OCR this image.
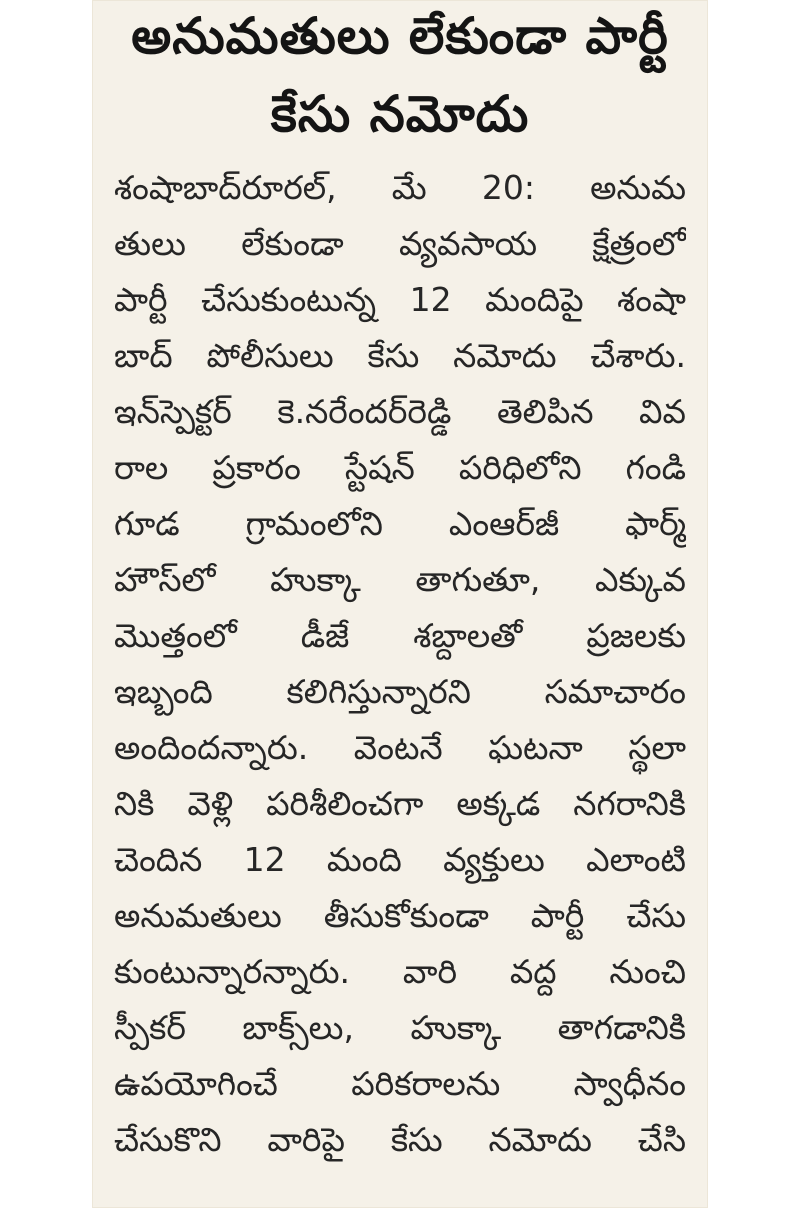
అనుమతులు లేకుండా పార్టీ
కేసు నమోదు

శంషాబాద్‌రూరల్‌, మే 20: అనుమ

తులు లేకుండా వ్యవసాయ క్షేత్రంలో

పార్టీ చేసుకుంటున్న 12 మందిపై శంషా

బాద్‌ పోలీసులు కేసు నమోదు చేశారు.

ఇన్‌స్పెక్టర్‌ కె.నరేందర్‌రెడ్డి తెలిపిన వివ

రాల ప్రకారం స్టేషన్‌ పరిధిలోని గండి

గూడ గ్రామంలోని ఎంఆర్‌జీ ఫార్మ్‌

హౌస్‌లో హుక్కా తాగుతూ, ఎక్కువ

మొత్తంలో డీజే శబ్దాలతో ప్రజలకు

ఇబ్బంది కలిగిస్తున్నారని సమాచారం

అందిందన్నారు. వెంటనే ఘటనా స్థలా

నికి వెళ్లి పరిశీలించగా అక్కడ నగరానికి

చెందిన 12 మంది వ్యక్తులు ఎలాంటి

అనుమతులు తీసుకోకుండా పార్టీ చేసు

కుంటున్నారన్నారు. వారి వద్ద నుంచి

స్పీకర్‌ బాక్స్‌లు, హుక్కా తాగడానికి

ఉపయోగించే పరికరాలను స్వాధీనం

చేసుకొని వారిపై కేసు నమోదు చేసి
